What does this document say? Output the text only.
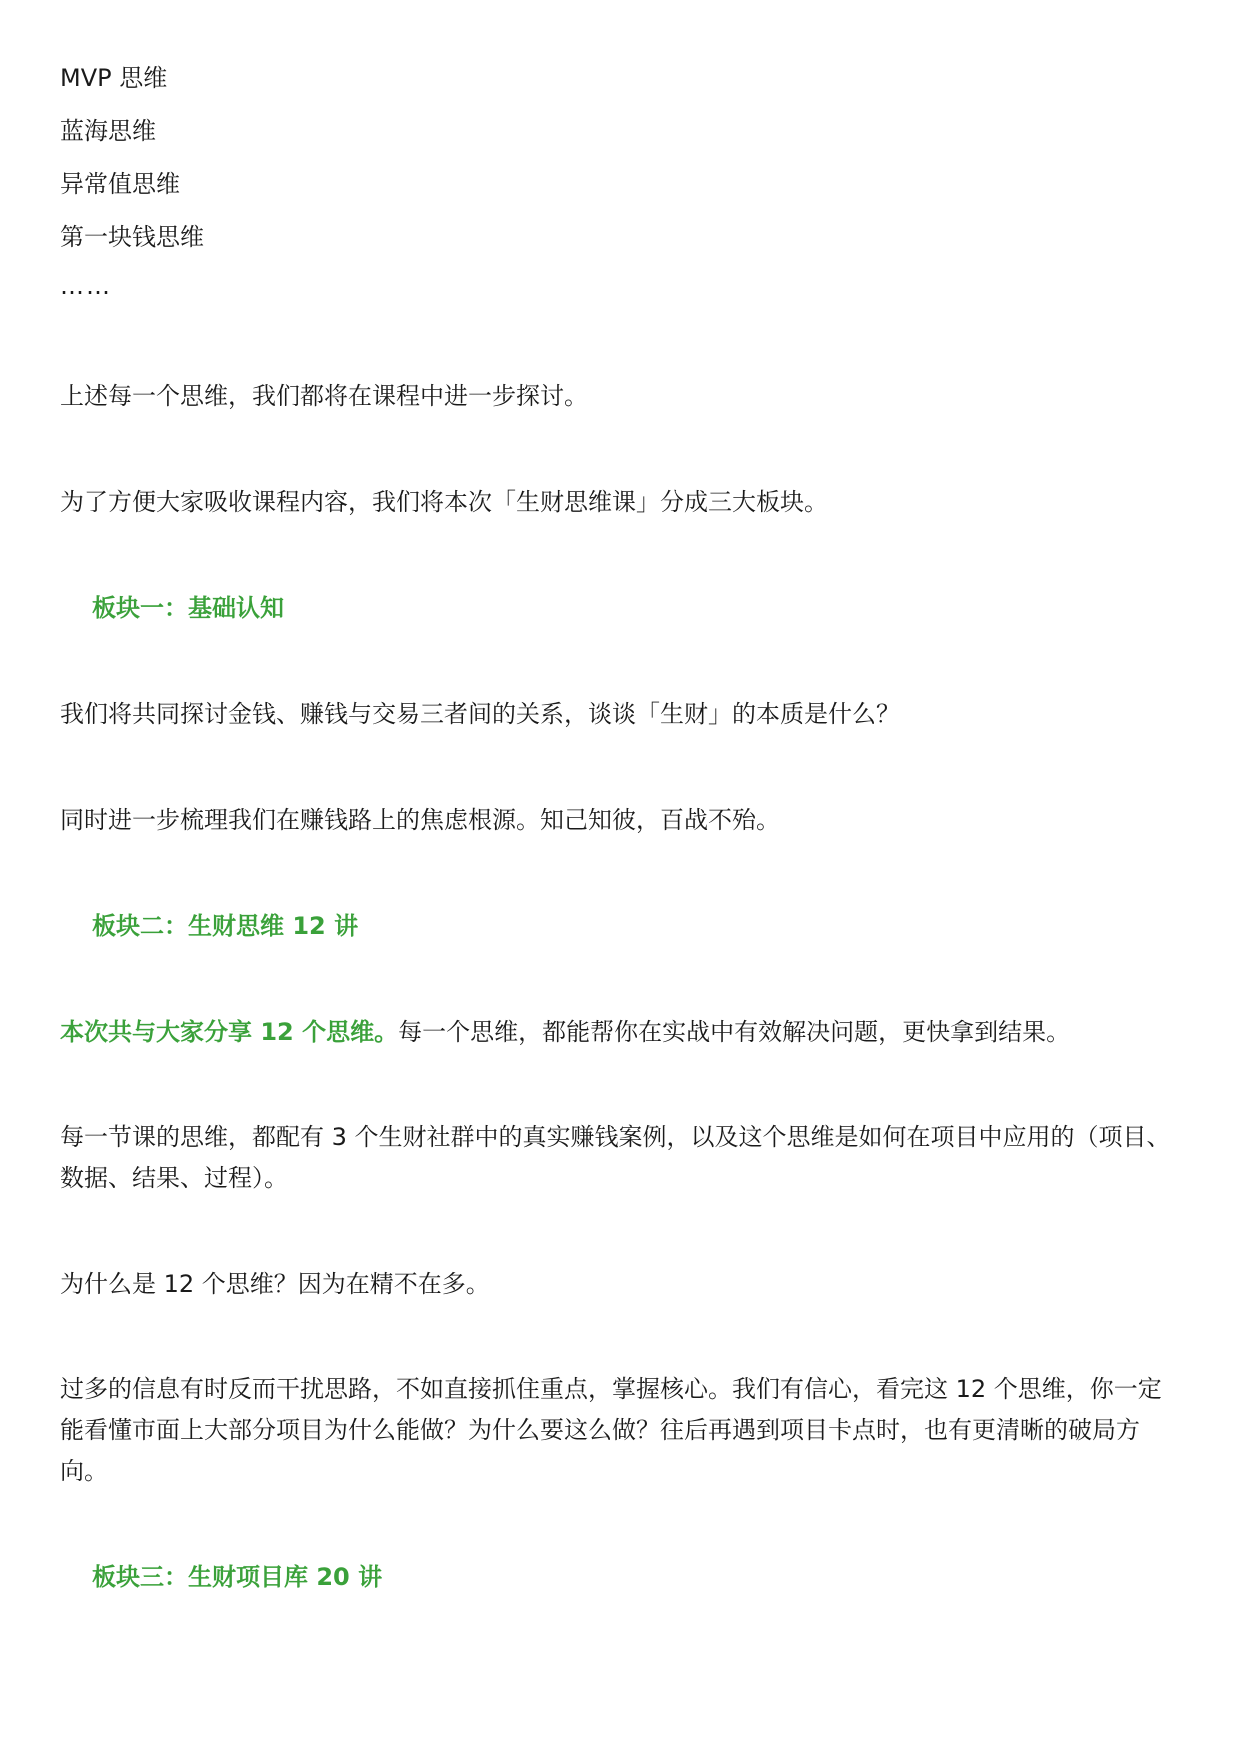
MVP 思维
蓝海思维
异常值思维
第一块钱思维
……
上述每一个思维，我们都将在课程中进一步探讨。
为了方便大家吸收课程内容，我们将本次「生财思维课」分成三大板块。
板块一：基础认知
我们将共同探讨金钱、赚钱与交易三者间的关系，谈谈「生财」的本质是什么？
同时进一步梳理我们在赚钱路上的焦虑根源。知己知彼，百战不殆。
板块二：生财思维 12 讲
本次共与大家分享 12 个思维。每一个思维，都能帮你在实战中有效解决问题，更快拿到结果。
每一节课的思维，都配有 3 个生财社群中的真实赚钱案例，以及这个思维是如何在项目中应用的（项目、数据、结果、过程）。
为什么是 12 个思维？因为在精不在多。
过多的信息有时反而干扰思路，不如直接抓住重点，掌握核心。我们有信心，看完这 12 个思维，你一定能看懂市面上大部分项目为什么能做？为什么要这么做？往后再遇到项目卡点时，也有更清晰的破局方向。
板块三：生财项目库 20 讲
